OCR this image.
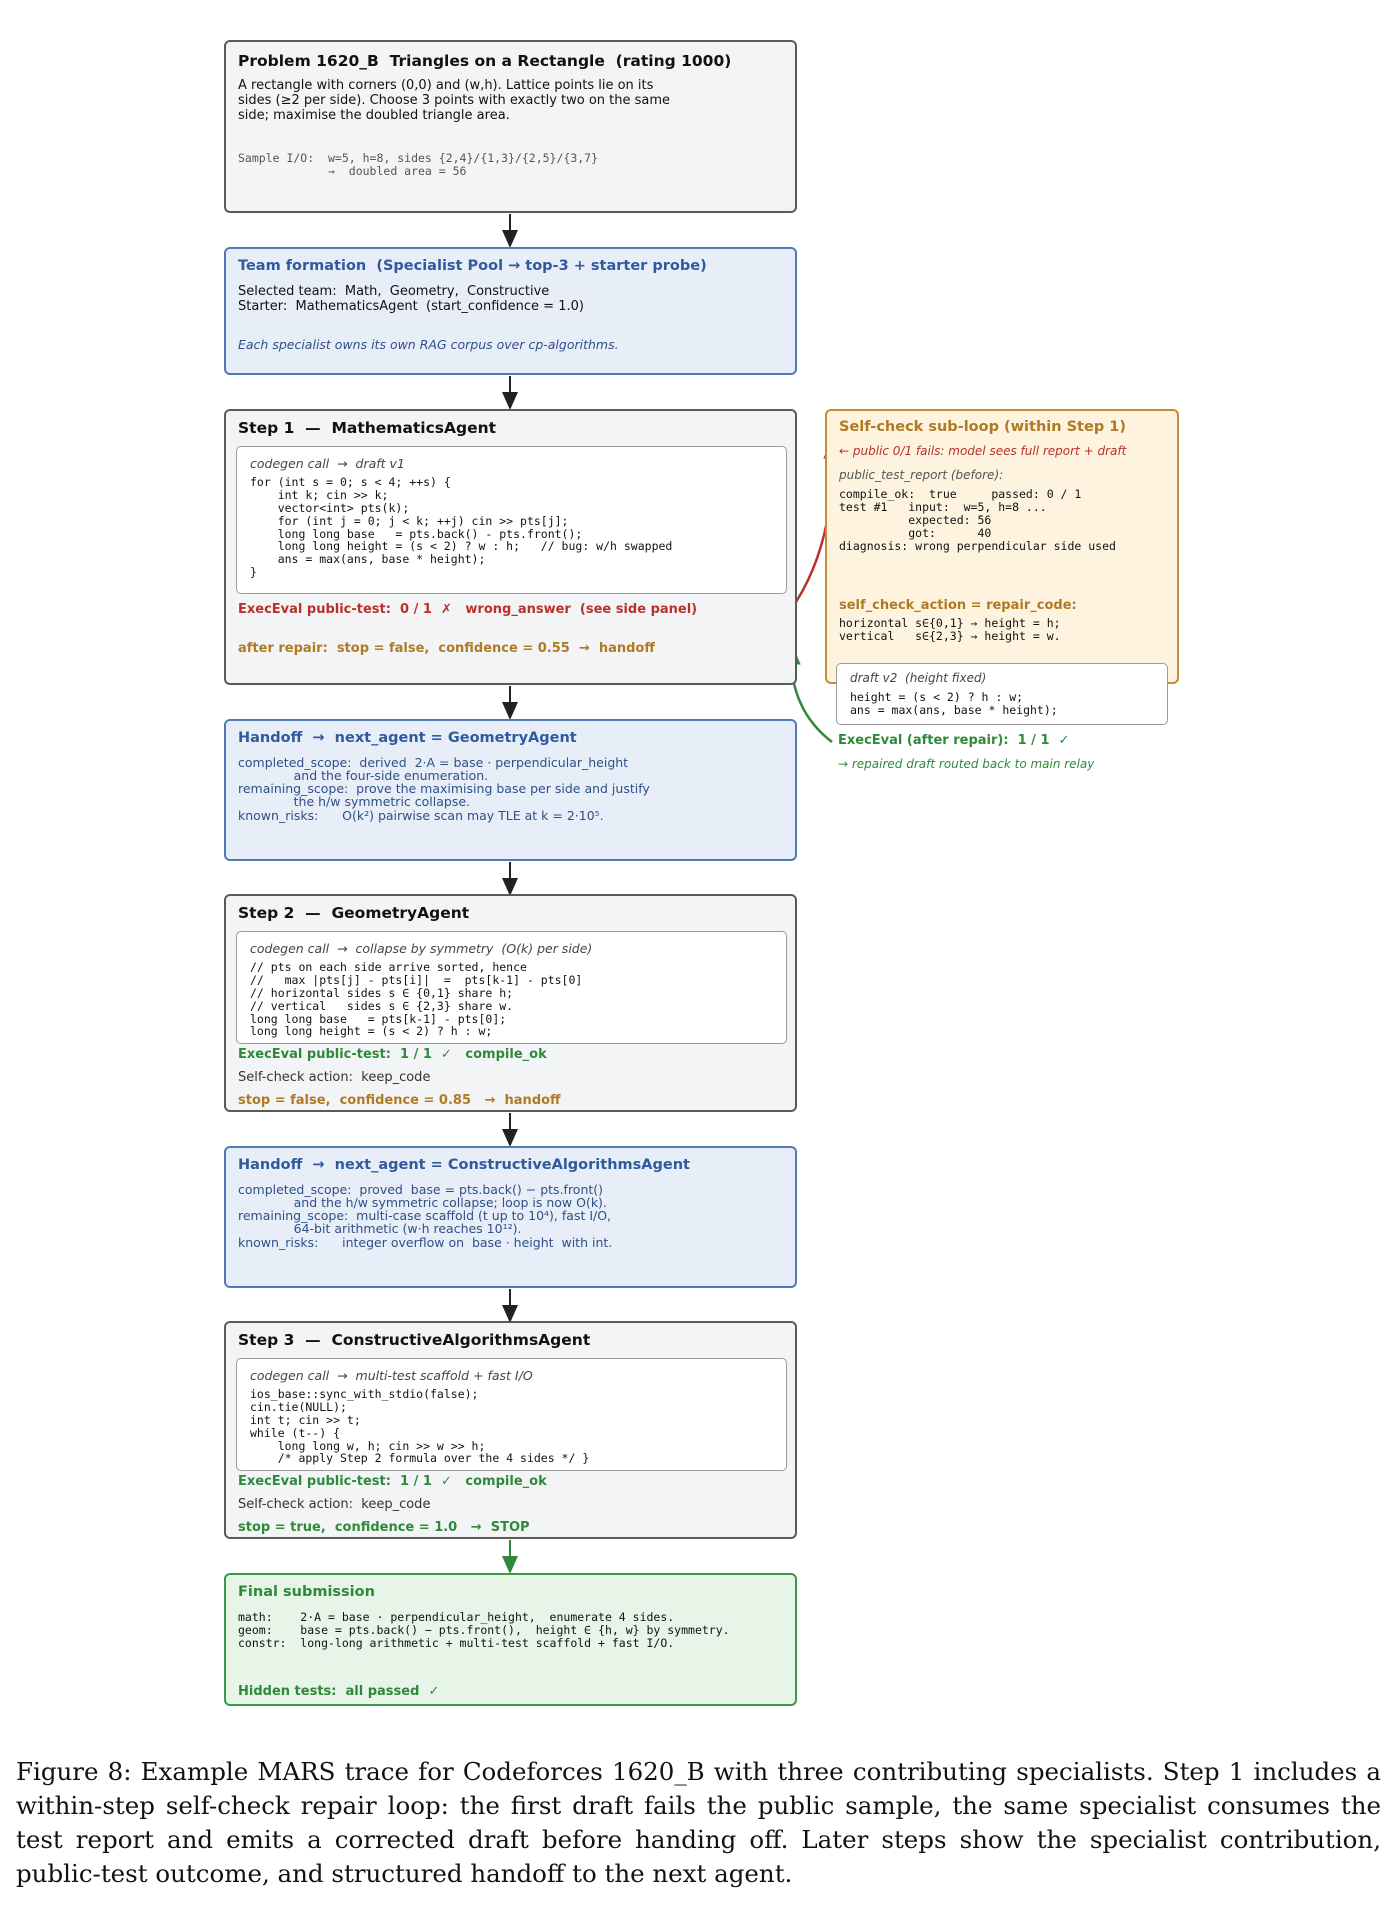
Problem 1620_B  Triangles on a Rectangle  (rating 1000)
A rectangle with corners (0,0) and (w,h). Lattice points lie on its
sides (≥2 per side). Choose 3 points with exactly two on the same
side; maximise the doubled triangle area.
Sample I/O:  w=5, h=8, sides {2,4}/{1,3}/{2,5}/{3,7}
→  doubled area = 56
Team formation  (Specialist Pool → top-3 + starter probe)
Selected team:  Math,  Geometry,  Constructive
Starter:  MathematicsAgent  (start_confidence = 1.0)
Each specialist owns its own RAG corpus over cp-algorithms.
Step 1  —  MathematicsAgent
codegen call  →  draft v1
for (int s = 0; s < 4; ++s) {
int k; cin >> k;
vector<int> pts(k);
for (int j = 0; j < k; ++j) cin >> pts[j];
long long base   = pts.back() - pts.front();
long long height = (s < 2) ? w : h;   // bug: w/h swapped
ans = max(ans, base * height);
}
ExecEval public-test:  0 / 1  ✗   wrong_answer  (see side panel)
after repair:  stop = false,  confidence = 0.55  →  handoff
Self-check sub-loop (within Step 1)
← public 0/1 fails: model sees full report + draft
public_test_report (before):
compile_ok:  true     passed: 0 / 1
test #1   input:  w=5, h=8 ...
expected: 56
got:      40
diagnosis: wrong perpendicular side used
self_check_action = repair_code:
horizontal s∈{0,1} → height = h;
vertical   s∈{2,3} → height = w.
draft v2  (height fixed)
height = (s < 2) ? h : w;
ans = max(ans, base * height);
ExecEval (after repair):  1 / 1  ✓
→ repaired draft routed back to main relay
Handoff  →  next_agent = GeometryAgent
completed_scope:  derived  2·A = base · perpendicular_height
and the four-side enumeration.
remaining_scope:  prove the maximising base per side and justify
the h/w symmetric collapse.
known_risks:      O(k²) pairwise scan may TLE at k = 2·10⁵.
Step 2  —  GeometryAgent
codegen call  →  collapse by symmetry  (O(k) per side)
// pts on each side arrive sorted, hence
//   max |pts[j] - pts[i]|  =  pts[k-1] - pts[0]
// horizontal sides s ∈ {0,1} share h;
// vertical   sides s ∈ {2,3} share w.
long long base   = pts[k-1] - pts[0];
long long height = (s < 2) ? h : w;
ExecEval public-test:  1 / 1  ✓   compile_ok
Self-check action:  keep_code
stop = false,  confidence = 0.85   →  handoff
Handoff  →  next_agent = ConstructiveAlgorithmsAgent
completed_scope:  proved  base = pts.back() − pts.front()
and the h/w symmetric collapse; loop is now O(k).
remaining_scope:  multi-case scaffold (t up to 10⁴), fast I/O,
64-bit arithmetic (w·h reaches 10¹²).
known_risks:      integer overflow on  base · height  with int.
Step 3  —  ConstructiveAlgorithmsAgent
codegen call  →  multi-test scaffold + fast I/O
ios_base::sync_with_stdio(false);
cin.tie(NULL);
int t; cin >> t;
while (t--) {
long long w, h; cin >> w >> h;
/* apply Step 2 formula over the 4 sides */ }
ExecEval public-test:  1 / 1  ✓   compile_ok
Self-check action:  keep_code
stop = true,  confidence = 1.0   →  STOP
Final submission
math:    2·A = base · perpendicular_height,  enumerate 4 sides.
geom:    base = pts.back() − pts.front(),  height ∈ {h, w} by symmetry.
constr:  long-long arithmetic + multi-test scaffold + fast I/O.
Hidden tests:  all passed  ✓
Figure 8: Example MARS trace for Codeforces 1620_B with three contributing specialists. Step 1 includes a within-step self-check repair loop: the first draft fails the public sample, the same specialist consumes the test report and emits a corrected draft before handing off. Later steps show the specialist contribution, public-test outcome, and structured handoff to the next agent.
